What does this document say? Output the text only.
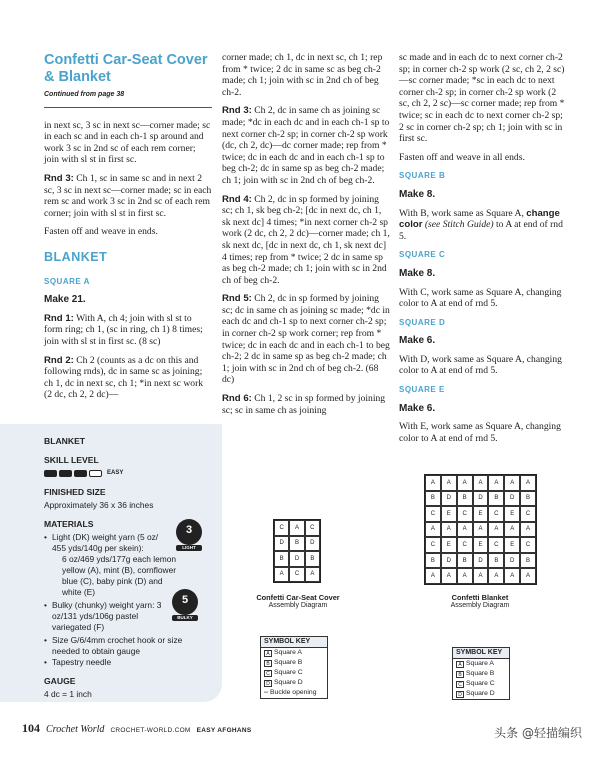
Confetti Car-Seat Cover
& Blanket
Continued from page 38

in next sc, 3 sc in next sc—corner made; sc in each sc and in each ch-1 sp around and work 3 sc in 2nd sc of each rem corner; join with sl st in first sc.

Rnd 3: Ch 1, sc in same sc and in next 2 sc, 3 sc in next sc—corner made; sc in each rem sc and work 3 sc in 2nd sc of each rem corner; join with sl st in first sc.

Fasten off and weave in ends.

BLANKET
SQUARE A
Make 21.

Rnd 1: With A, ch 4; join with sl st to form ring; ch 1, (sc in ring, ch 1) 8 times; join with sl st in first sc. (8 sc)

Rnd 2: Ch 2 (counts as a dc on this and following rnds), dc in same sc as joining; ch 1, dc in next sc, ch 1; *in next sc work (2 dc, ch 2, 2 dc)—

corner made; ch 1, dc in next sc, ch 1; rep from * twice; 2 dc in same sc as beg ch-2 made; ch 1; join with sc in 2nd ch of beg ch-2.

Rnd 3: Ch 2, dc in same ch as joining sc made; *dc in each dc and in each ch-1 sp to next corner ch-2 sp; in corner ch-2 sp work (dc, ch 2, dc)—dc corner made; rep from * twice; dc in each dc and in each ch-1 sp to beg ch-2; dc in same sp as beg ch-2 made; ch 1; join with sc in 2nd ch of beg ch-2.

Rnd 4: Ch 2, dc in sp formed by joining sc; ch 1, sk beg ch-2; [dc in next dc, ch 1, sk next dc] 4 times; *in next corner ch-2 sp work (2 dc, ch 2, 2 dc)—corner made; ch 1, sk next dc, [dc in next dc, ch 1, sk next dc] 4 times; rep from * twice; 2 dc in same sp as beg ch-2 made; ch 1; join with sc in 2nd ch of beg ch-2.

Rnd 5: Ch 2, dc in sp formed by joining sc; dc in same ch as joining sc made; *dc in each dc and ch-1 sp to next corner ch-2 sp; in corner ch-2 sp work corner; rep from * twice; dc in each dc and in each ch-1 to beg ch-2; 2 dc in same sp as beg ch-2 made; ch 1; join with sc in 2nd ch of beg ch-2. (68 dc)

Rnd 6: Ch 1, 2 sc in sp formed by joining sc; sc in same ch as joining

sc made and in each dc to next corner ch-2 sp; in corner ch-2 sp work (2 sc, ch 2, 2 sc)—sc corner made; *sc in each dc to next corner ch-2 sp; in corner ch-2 sp work (2 sc, ch 2, 2 sc)—sc corner made; rep from * twice; sc in each dc to next corner ch-2 sp; 2 sc in corner ch-2 sp; ch 1; join with sc in first sc.

Fasten off and weave in all ends.

SQUARE B
Make 8.

With B, work same as Square A, change color (see Stitch Guide) to A at end of rnd 5.

SQUARE C
Make 8.

With C, work same as Square A, changing color to A at end of rnd 5.

SQUARE D
Make 6.

With D, work same as Square A, changing color to A at end of rnd 5.

SQUARE E
Make 6.

With E, work same as Square A, changing color to A at end of rnd 5.

BLANKET
SKILL LEVEL
EASY
FINISHED SIZE
Approximately 36 x 36 inches
MATERIALS
• Light (DK) weight yarn (5 oz/ 455 yds/140g per skein):
6 oz/469 yds/177g each lemon yellow (A), mint (B), cornflower blue (C), baby pink (D) and white (E)
• Bulky (chunky) weight yarn: 3 oz/131 yds/106g pastel variegated (F)
• Size G/6/4mm crochet hook or size needed to obtain gauge
• Tapestry needle
GAUGE
4 dc = 1 inch
3
LIGHT
5
BULKY
C	A	C
D	B	D
B	D	B
A	C	A
Confetti Car-Seat Cover
Assembly Diagram
SYMBOL KEY
A Square A
B Square B
C Square C
D Square D
-- Buckle opening
A	A	A	A	A	A	A
B	D	B	D	B	D	B
C	E	C	E	C	E	C
A	A	A	A	A	A	A
C	E	C	E	C	E	C
B	D	B	D	B	D	B
A	A	A	A	A	A	A
Confetti Blanket
Assembly Diagram
SYMBOL KEY
A Square A
B Square B
C Square C
D Square D
104 Crochet World CROCHET-WORLD.COM EASY AFGHANS	头条 @轻描编织
